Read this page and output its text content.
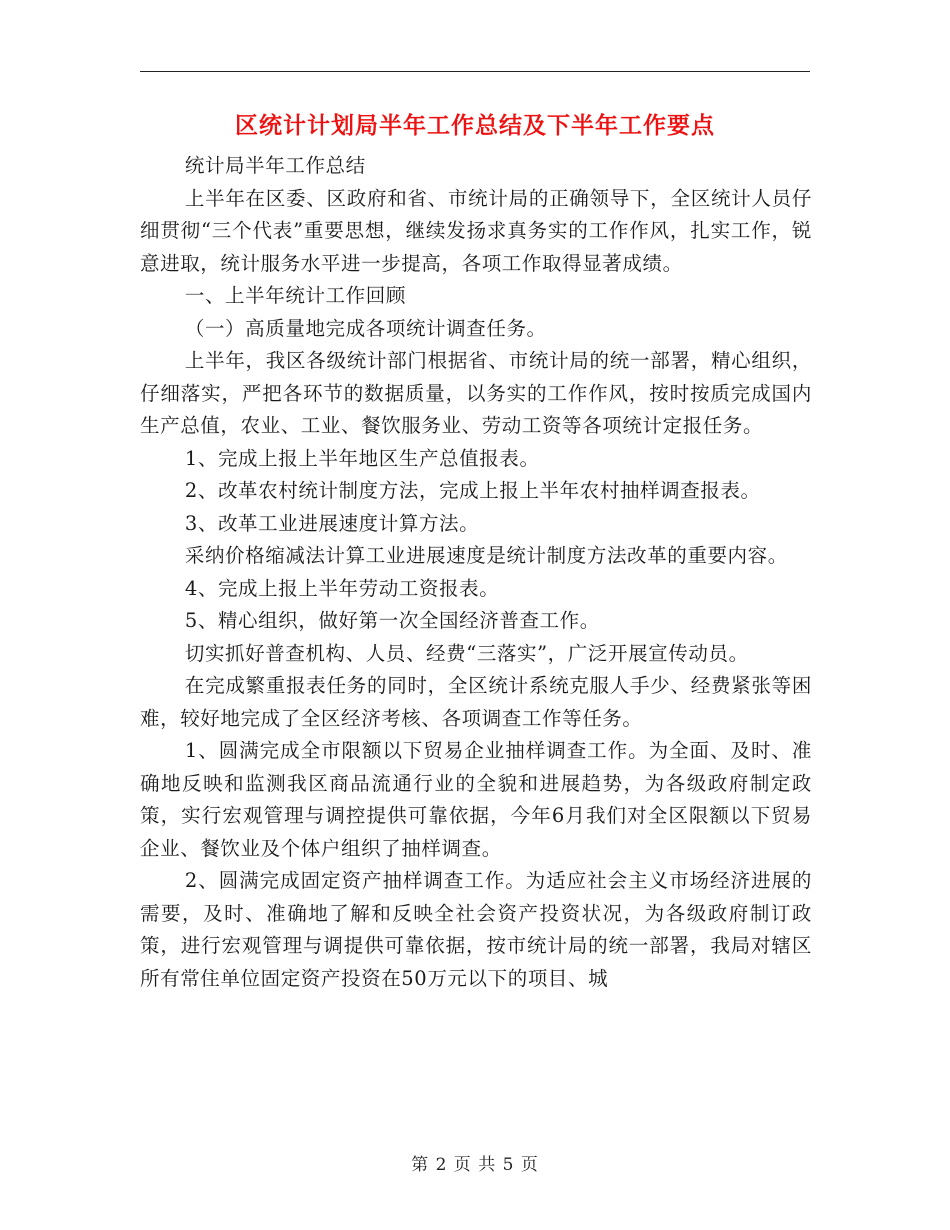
区统计计划局半年工作总结及下半年工作要点

统计局半年工作总结

上半年在区委、区政府和省、市统计局的正确领导下，全区统计人员仔细贯彻“三个代表”重要思想，继续发扬求真务实的工作作风，扎实工作，锐意进取，统计服务水平进一步提高，各项工作取得显著成绩。

一、上半年统计工作回顾

（一）高质量地完成各项统计调查任务。

上半年，我区各级统计部门根据省、市统计局的统一部署，精心组织，仔细落实，严把各环节的数据质量，以务实的工作作风，按时按质完成国内生产总值，农业、工业、餐饮服务业、劳动工资等各项统计定报任务。

1、完成上报上半年地区生产总值报表。

2、改革农村统计制度方法，完成上报上半年农村抽样调查报表。

3、改革工业进展速度计算方法。

采纳价格缩减法计算工业进展速度是统计制度方法改革的重要内容。

4、完成上报上半年劳动工资报表。

5、精心组织，做好第一次全国经济普查工作。

切实抓好普查机构、人员、经费“三落实”，广泛开展宣传动员。

在完成繁重报表任务的同时，全区统计系统克服人手少、经费紧张等困难，较好地完成了全区经济考核、各项调查工作等任务。

1、圆满完成全市限额以下贸易企业抽样调查工作。为全面、及时、准确地反映和监测我区商品流通行业的全貌和进展趋势，为各级政府制定政策，实行宏观管理与调控提供可靠依据，今年6月我们对全区限额以下贸易企业、餐饮业及个体户组织了抽样调查。

2、圆满完成固定资产抽样调查工作。为适应社会主义市场经济进展的需要，及时、准确地了解和反映全社会资产投资状况，为各级政府制订政策，进行宏观管理与调提供可靠依据，按市统计局的统一部署，我局对辖区所有常住单位固定资产投资在50万元以下的项目、城

第 2 页 共 5 页
